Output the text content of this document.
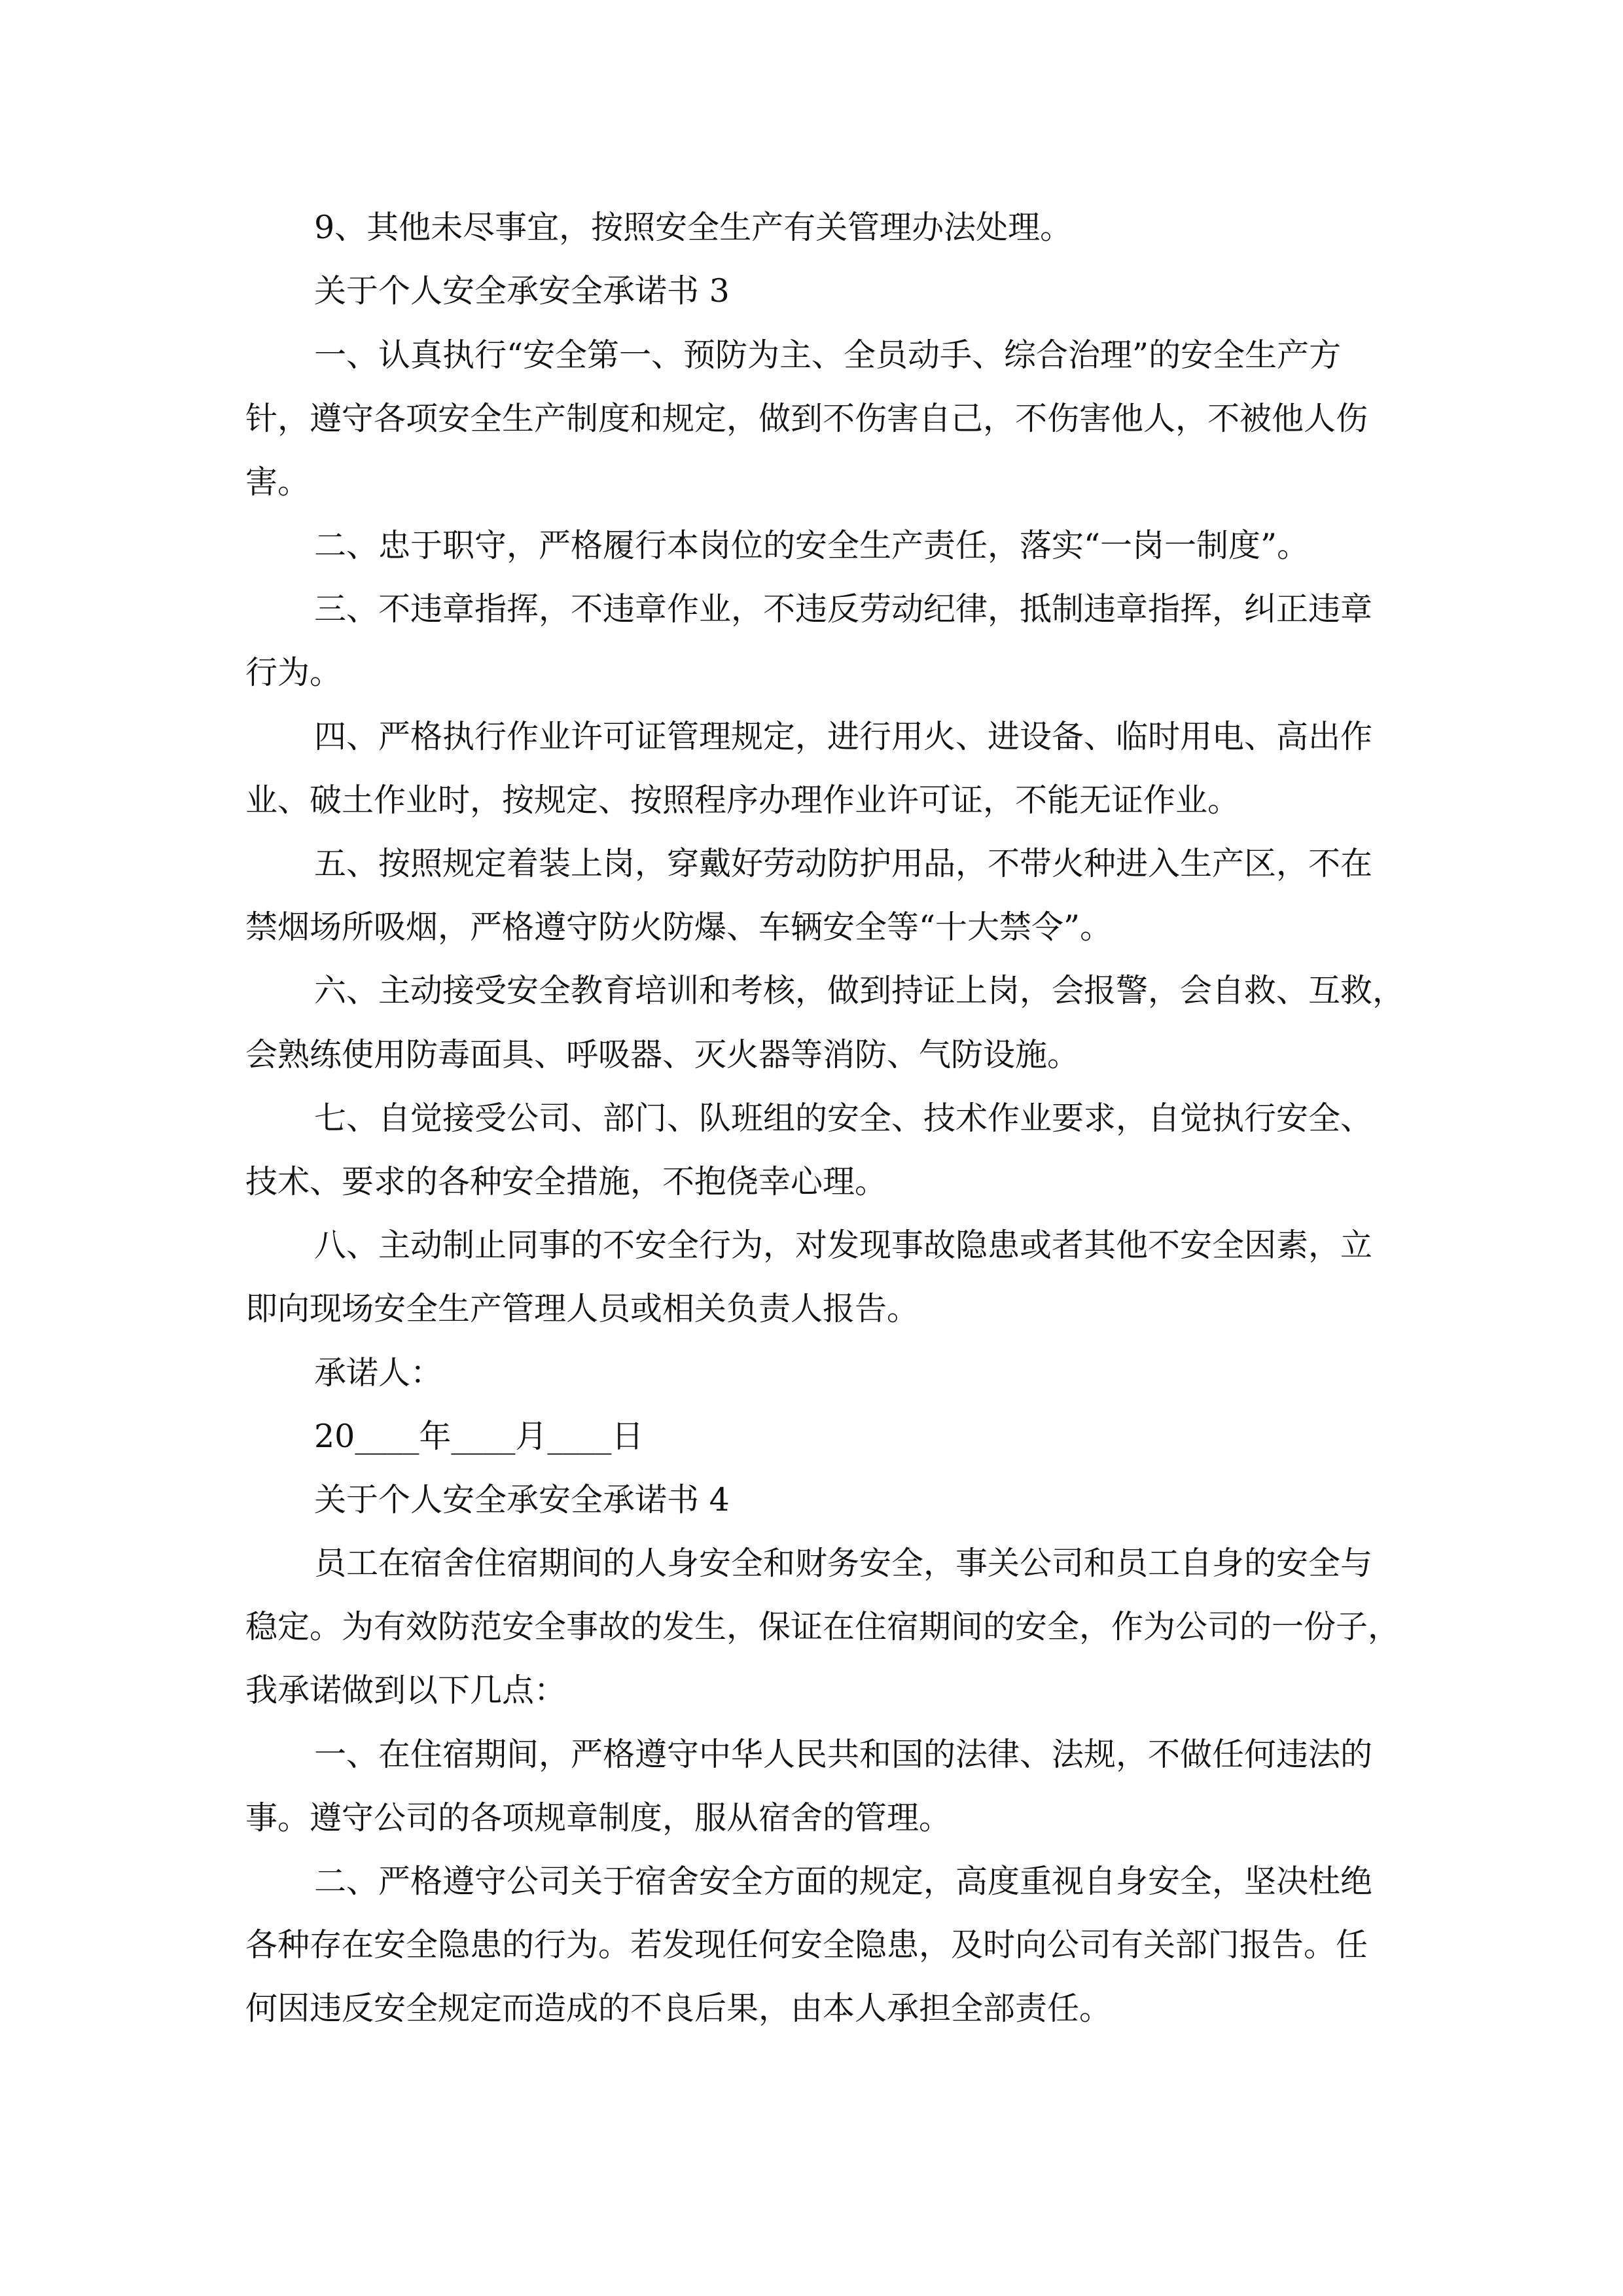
9、其他未尽事宜，按照安全生产有关管理办法处理。
关于个人安全承安全承诺书 3
一、认真执行“安全第一、预防为主、全员动手、综合治理”的安全生产方
针，遵守各项安全生产制度和规定，做到不伤害自己，不伤害他人，不被他人伤
害。
二、忠于职守，严格履行本岗位的安全生产责任，落实“一岗一制度”。
三、不违章指挥，不违章作业，不违反劳动纪律，抵制违章指挥，纠正违章
行为。
四、严格执行作业许可证管理规定，进行用火、进设备、临时用电、高出作
业、破土作业时，按规定、按照程序办理作业许可证，不能无证作业。
五、按照规定着装上岗，穿戴好劳动防护用品，不带火种进入生产区，不在
禁烟场所吸烟，严格遵守防火防爆、车辆安全等“十大禁令”。
六、主动接受安全教育培训和考核，做到持证上岗，会报警，会自救、互救，
会熟练使用防毒面具、呼吸器、灭火器等消防、气防设施。
七、自觉接受公司、部门、队班组的安全、技术作业要求，自觉执行安全、
技术、要求的各种安全措施，不抱侥幸心理。
八、主动制止同事的不安全行为，对发现事故隐患或者其他不安全因素，立
即向现场安全生产管理人员或相关负责人报告。
承诺人：
20____年____月____日
关于个人安全承安全承诺书 4
员工在宿舍住宿期间的人身安全和财务安全，事关公司和员工自身的安全与
稳定。为有效防范安全事故的发生，保证在住宿期间的安全，作为公司的一份子，
我承诺做到以下几点：
一、在住宿期间，严格遵守中华人民共和国的法律、法规，不做任何违法的
事。遵守公司的各项规章制度，服从宿舍的管理。
二、严格遵守公司关于宿舍安全方面的规定，高度重视自身安全，坚决杜绝
各种存在安全隐患的行为。若发现任何安全隐患，及时向公司有关部门报告。任
何因违反安全规定而造成的不良后果，由本人承担全部责任。
